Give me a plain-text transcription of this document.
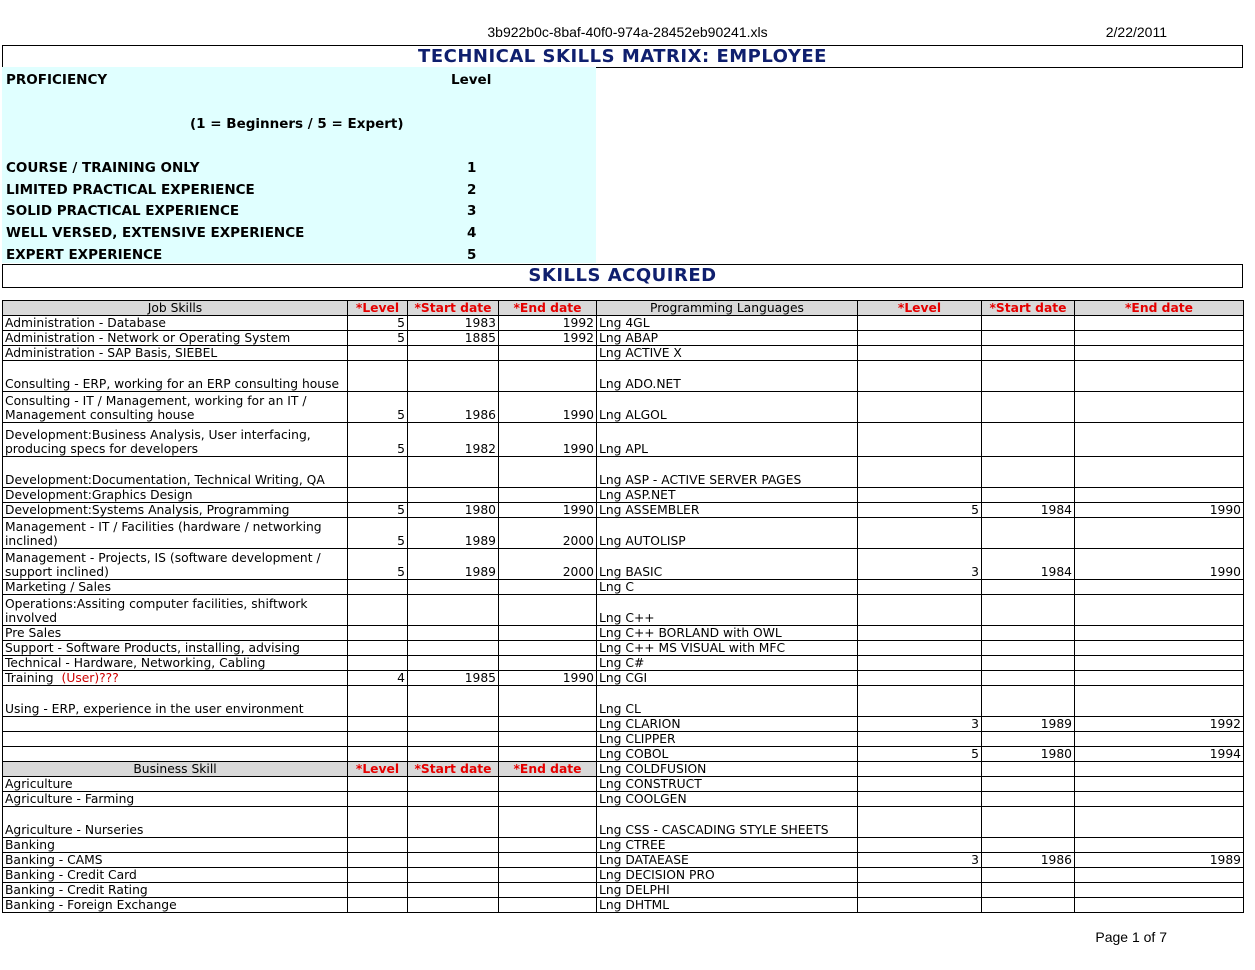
3b922b0c-8baf-40f0-974a-28452eb90241.xls	2/22/2011
TECHNICAL SKILLS MATRIX: EMPLOYEE
PROFICIENCY	Level
(1 = Beginners / 5 = Expert)
COURSE / TRAINING ONLY	1
LIMITED PRACTICAL EXPERIENCE	2
SOLID PRACTICAL EXPERIENCE	3
WELL VERSED, EXTENSIVE EXPERIENCE	4
EXPERT EXPERIENCE	5
SKILLS ACQUIRED
Job Skills	*Level	*Start date	*End date	Programming Languages	*Level	*Start date	*End date
Administration - Database	5	1983	1992	Lng 4GL			
Administration - Network or Operating System	5	1885	1992	Lng ABAP			
Administration - SAP Basis, SIEBEL				Lng ACTIVE X			
Consulting - ERP, working for an ERP consulting house				Lng ADO.NET			
Consulting - IT / Management, working for an IT / Management consulting house	5	1986	1990	Lng ALGOL			
Development:Business Analysis, User interfacing, producing specs for developers	5	1982	1990	Lng APL			
Development:Documentation, Technical Writing, QA				Lng ASP - ACTIVE SERVER PAGES			
Development:Graphics Design				Lng ASP.NET			
Development:Systems Analysis, Programming	5	1980	1990	Lng ASSEMBLER	5	1984	1990
Management - IT / Facilities (hardware / networking inclined)	5	1989	2000	Lng AUTOLISP			
Management - Projects, IS (software development / support inclined)	5	1989	2000	Lng BASIC	3	1984	1990
Marketing / Sales				Lng C			
Operations:Assiting computer facilities, shiftwork involved				Lng C++			
Pre Sales				Lng C++ BORLAND with OWL			
Support - Software Products, installing, advising				Lng C++ MS VISUAL with MFC			
Technical - Hardware, Networking, Cabling				Lng C#			
Training (User)???	4	1985	1990	Lng CGI			
Using - ERP, experience in the user environment				Lng CL			
				Lng CLARION	3	1989	1992
				Lng CLIPPER			
				Lng COBOL	5	1980	1994
Business Skill	*Level	*Start date	*End date	Lng COLDFUSION			
Agriculture				Lng CONSTRUCT			
Agriculture - Farming				Lng COOLGEN			
Agriculture - Nurseries				Lng CSS - CASCADING STYLE SHEETS			
Banking				Lng CTREE			
Banking - CAMS				Lng DATAEASE	3	1986	1989
Banking - Credit Card				Lng DECISION PRO			
Banking - Credit Rating				Lng DELPHI			
Banking - Foreign Exchange				Lng DHTML			
Page 1 of 7
